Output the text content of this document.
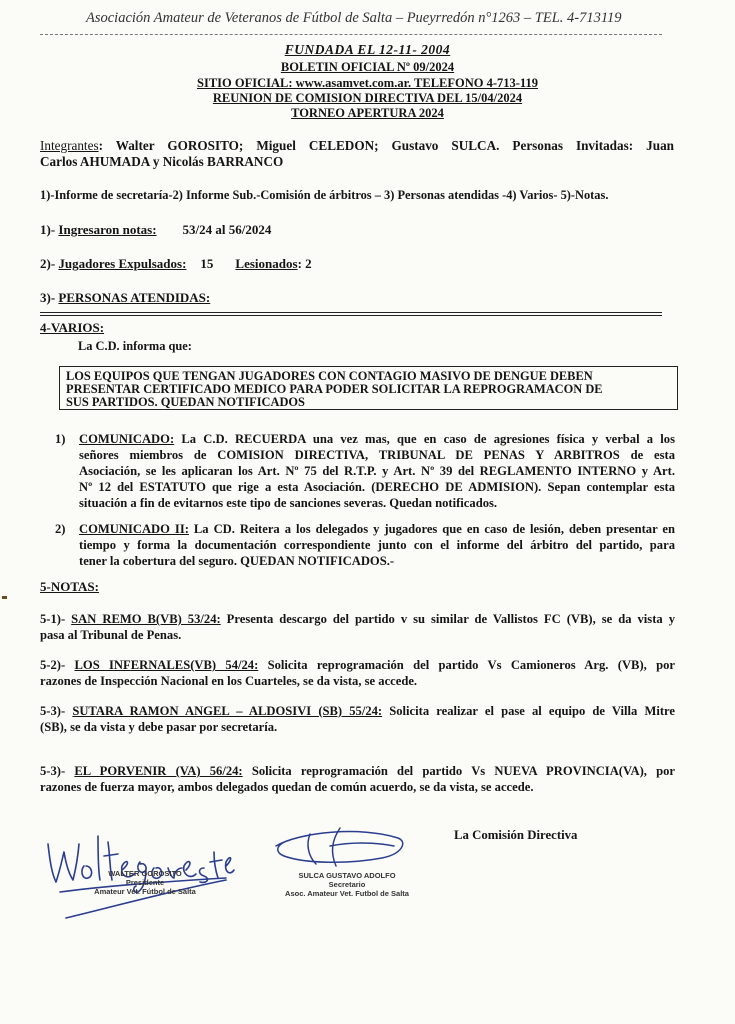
Asociación Amateur de Veteranos de Fútbol de Salta – Pueyrredón n°1263 – TEL. 4-713119
FUNDADA EL 12-11- 2004
BOLETIN OFICIAL Nº 09/2024
SITIO OFICIAL: www.asamvet.com.ar. TELEFONO 4-713-119
REUNION DE COMISION DIRECTIVA DEL 15/04/2024
TORNEO APERTURA 2024
Integrantes: Walter GOROSITO; Miguel CELEDON; Gustavo SULCA. Personas Invitadas: Juan
Carlos AHUMADA y Nicolás BARRANCO
1)-Informe de secretaría-2) Informe Sub.-Comisión de árbitros – 3) Personas atendidas -4) Varios- 5)-Notas.
1)- Ingresaron notas: 53/24 al 56/2024
2)- Jugadores Expulsados: 15 Lesionados: 2
3)- PERSONAS ATENDIDAS:
4-VARIOS:
La C.D. informa que:

LOS EQUIPOS QUE TENGAN JUGADORES CON CONTAGIO MASIVO DE DENGUE DEBEN

PRESENTAR CERTIFICADO MEDICO PARA PODER SOLICITAR LA REPROGRAMACON DE

SUS PARTIDOS. QUEDAN NOTIFICADOS

1) COMUNICADO: La C.D. RECUERDA una vez mas, que en caso de agresiones física y verbal a los
señores miembros de COMISION DIRECTIVA, TRIBUNAL DE PENAS Y ARBITROS de esta
Asociación, se les aplicaran los Art. Nº 75 del R.T.P. y Art. Nº 39 del REGLAMENTO INTERNO y Art.
Nº 12 del ESTATUTO que rige a esta Asociación. (DERECHO DE ADMISION). Sepan contemplar esta
situación a fin de evitarnos este tipo de sanciones severas. Quedan notificados.
2) COMUNICADO II: La CD. Reitera a los delegados y jugadores que en caso de lesión, deben presentar en
tiempo y forma la documentación correspondiente junto con el informe del árbitro del partido, para
tener la cobertura del seguro. QUEDAN NOTIFICADOS.-
5-NOTAS:
5-1)- SAN REMO B(VB) 53/24: Presenta descargo del partido v su similar de Vallistos FC (VB), se da vista y
pasa al Tribunal de Penas.
5-2)- LOS INFERNALES(VB) 54/24: Solicita reprogramación del partido Vs Camioneros Arg. (VB), por
razones de Inspección Nacional en los Cuarteles, se da vista, se accede.
5-3)- SUTARA RAMON ANGEL – ALDOSIVI (SB) 55/24: Solicita realizar el pase al equipo de Villa Mitre
(SB), se da vista y debe pasar por secretaría.
5-3)- EL PORVENIR (VA) 56/24: Solicita reprogramación del partido Vs NUEVA PROVINCIA(VA), por
razones de fuerza mayor, ambos delegados quedan de común acuerdo, se da vista, se accede.
La Comisión Directiva
WALTER GOROSITO
Presidente
Amateur Vet. Fútbol de Salta
SULCA GUSTAVO ADOLFO
Secretario
Asoc. Amateur Vet. Futbol de Salta
